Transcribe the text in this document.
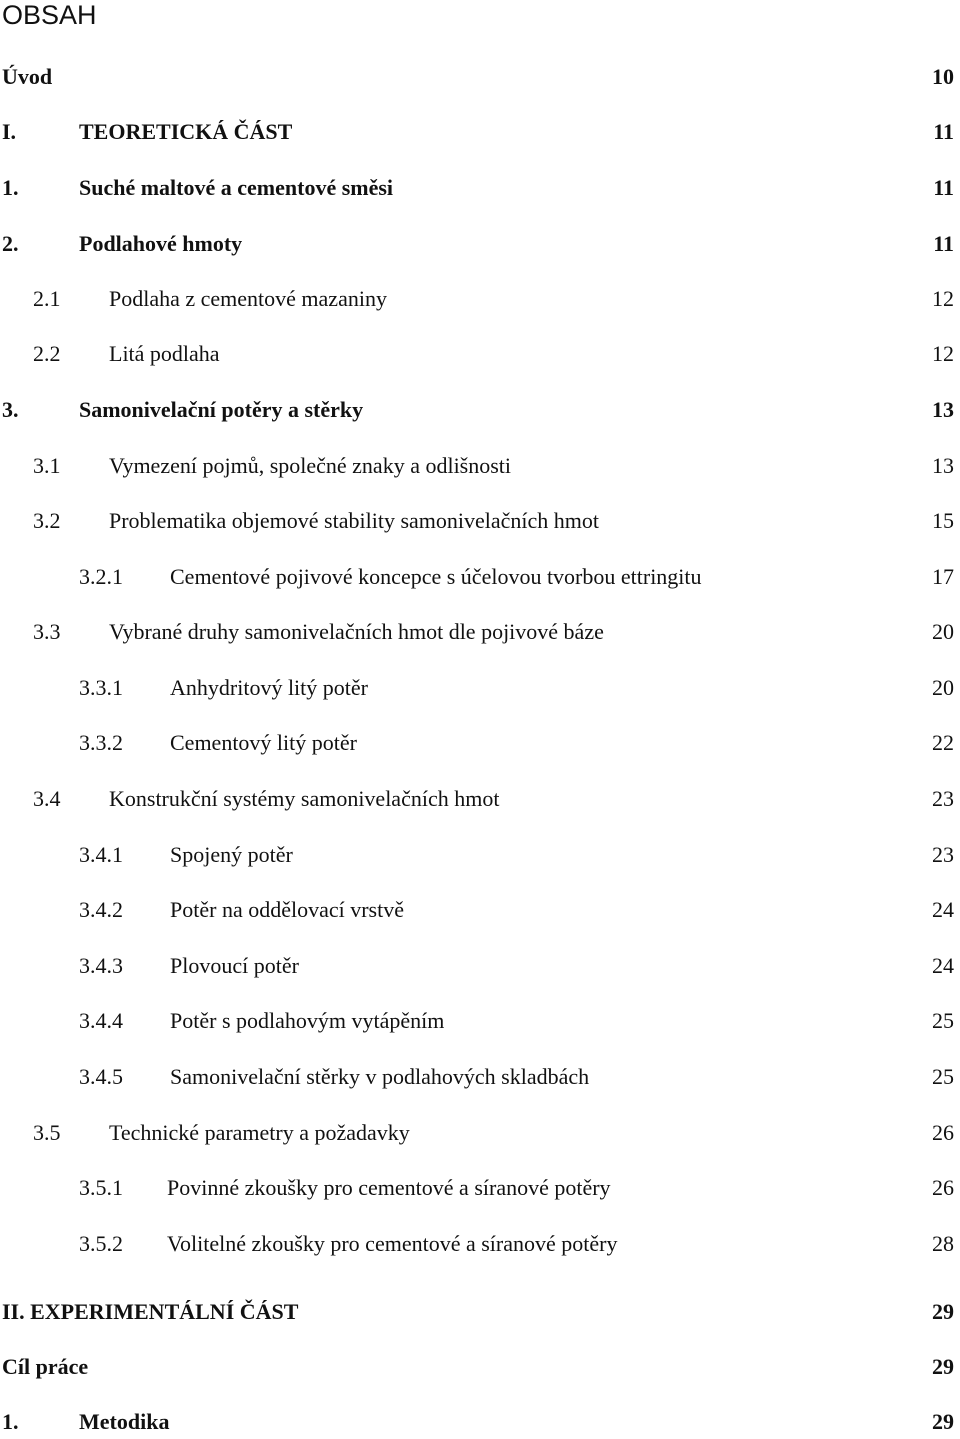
OBSAH
Úvod	10
I.	TEORETICKÁ ČÁST	11
1.	Suché maltové a cementové směsi	11
2.	Podlahové hmoty	11
2.1 Podlaha z cementové mazaniny	12
2.2 Litá podlaha	12
3.	Samonivelační potěry a stěrky	13
3.1 Vymezení pojmů, společné znaky a odlišnosti	13
3.2 Problematika objemové stability samonivelačních hmot	15
3.2.1 Cementové pojivové koncepce s účelovou tvorbou ettringitu	17
3.3 Vybrané druhy samonivelačních hmot dle pojivové báze	20
3.3.1 Anhydritový litý potěr	20
3.3.2 Cementový litý potěr	22
3.4 Konstrukční systémy samonivelačních hmot	23
3.4.1 Spojený potěr	23
3.4.2 Potěr na oddělovací vrstvě	24
3.4.3 Plovoucí potěr	24
3.4.4 Potěr s podlahovým vytápěním	25
3.4.5 Samonivelační stěrky v podlahových skladbách	25
3.5 Technické parametry a požadavky	26
3.5.1 Povinné zkoušky pro cementové a síranové potěry	26
3.5.2 Volitelné zkoušky pro cementové a síranové potěry	28
II. EXPERIMENTÁLNÍ ČÁST	29
Cíl práce	29
1.	Metodika	29
